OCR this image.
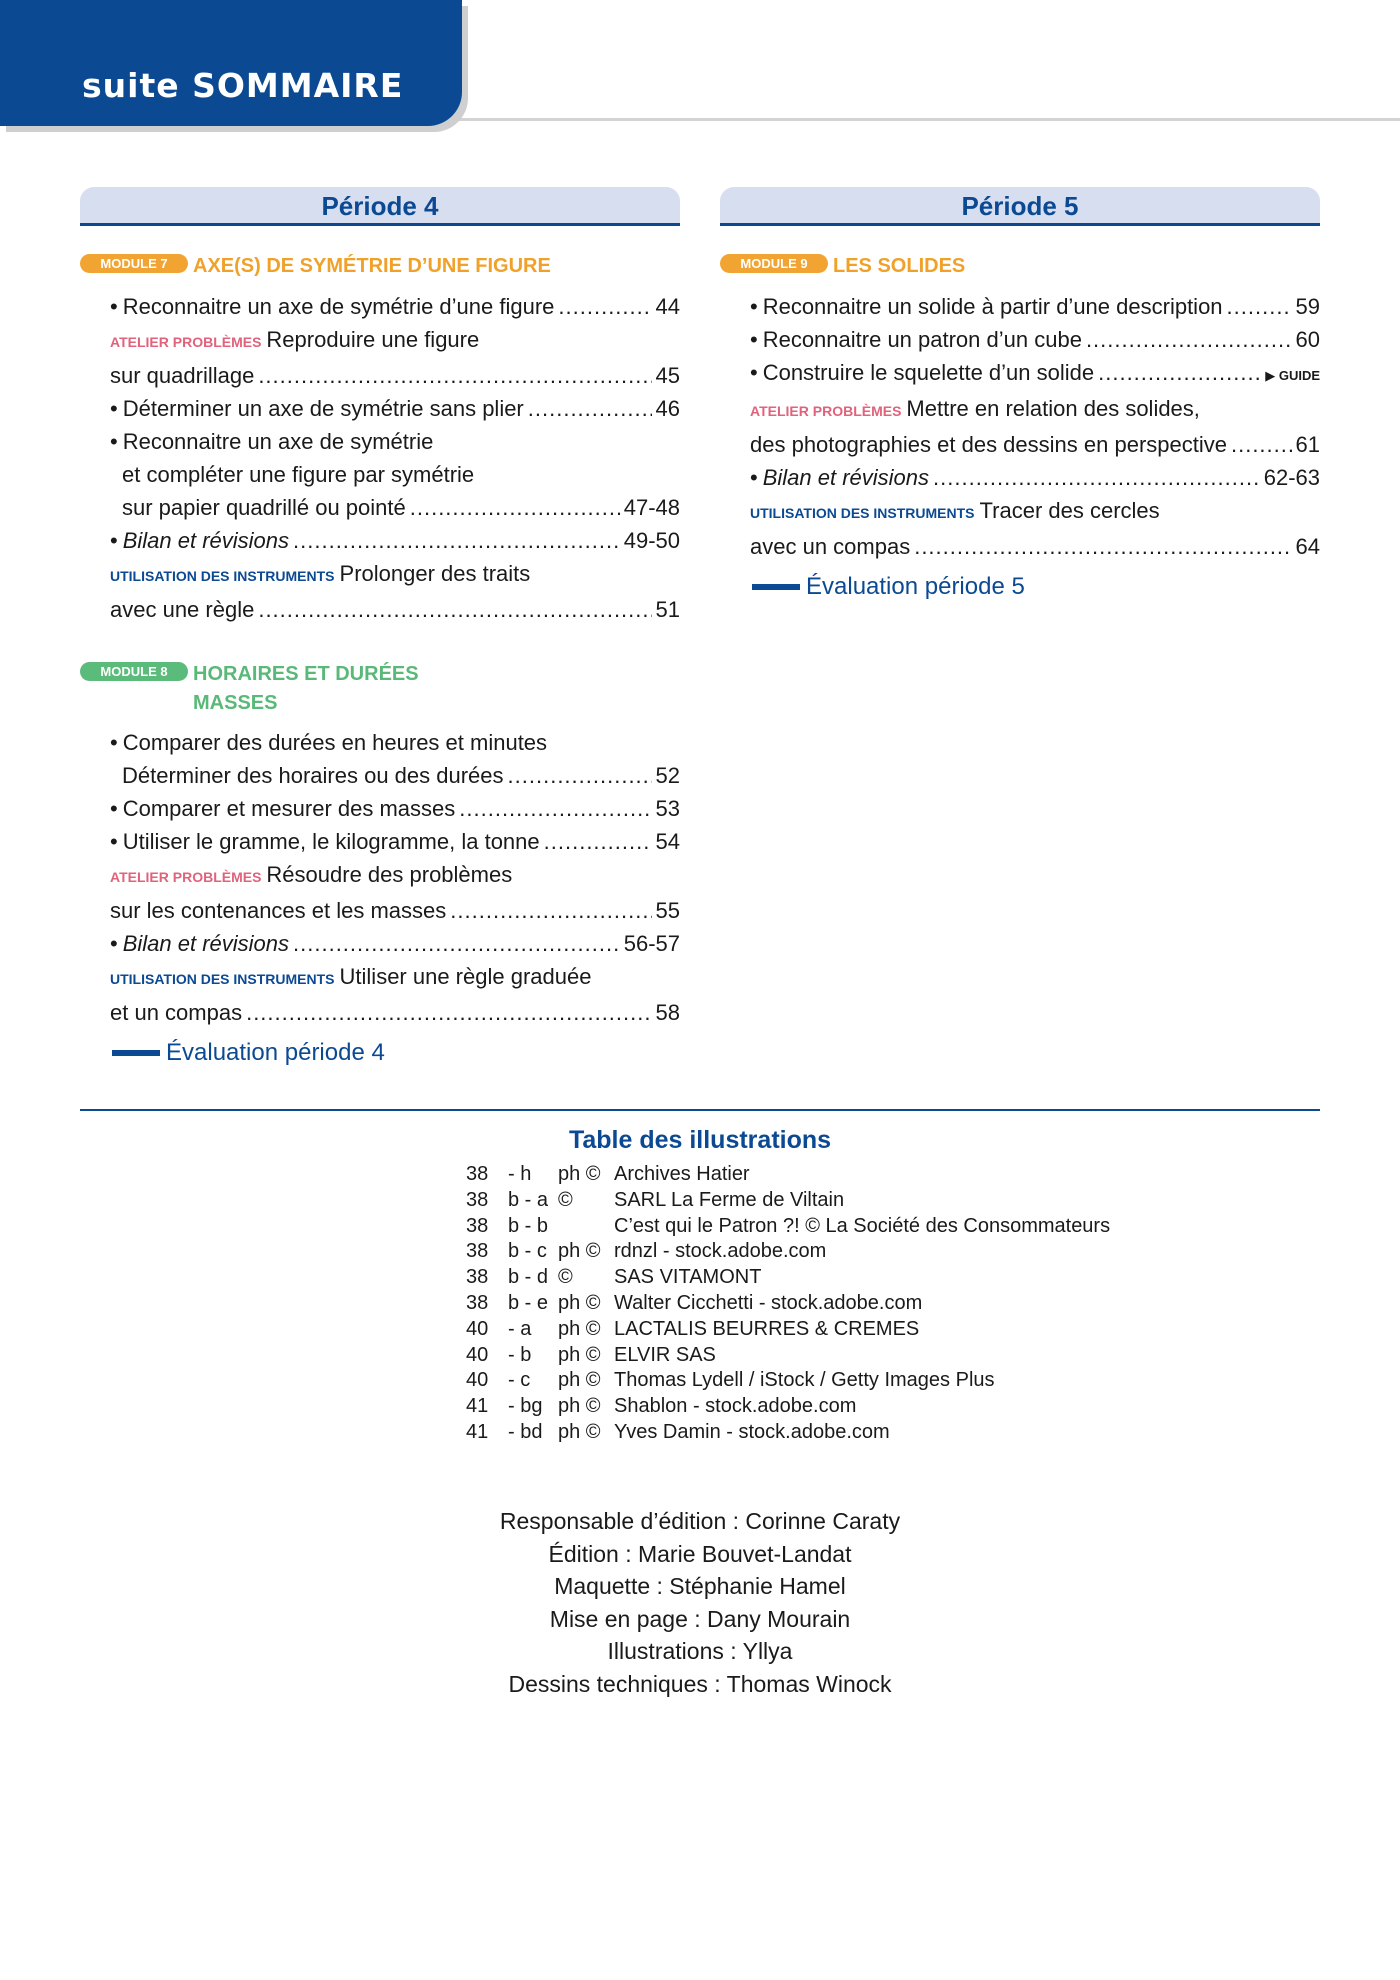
suite SOMMAIRE
Période 4
MODULE 7	AXE(S) DE SYMÉTRIE D’UNE FIGURE
• Reconnaitre un axe de symétrie d’une figure .....	44
ATELIER PROBLÈMES Reproduire une figure
sur quadrillage .....	45
• Déterminer un axe de symétrie sans plier .....	46
• Reconnaitre un axe de symétrie
et compléter une figure par symétrie
sur papier quadrillé ou pointé .....	47-48
• Bilan et révisions .....	49-50
UTILISATION DES INSTRUMENTS Prolonger des traits
avec une règle .....	51
MODULE 8	HORAIRES ET DURÉES
MASSES
• Comparer des durées en heures et minutes
Déterminer des horaires ou des durées .....	52
• Comparer et mesurer des masses .....	53
• Utiliser le gramme, le kilogramme, la tonne .....	54
ATELIER PROBLÈMES Résoudre des problèmes
sur les contenances et les masses .....	55
• Bilan et révisions .....	56-57
UTILISATION DES INSTRUMENTS Utiliser une règle graduée
et un compas .....	58
Évaluation période 4
Période 5
MODULE 9	LES SOLIDES
• Reconnaitre un solide à partir d’une description .....	59
• Reconnaitre un patron d’un cube .....	60
• Construire le squelette d’un solide .....	▶ GUIDE
ATELIER PROBLÈMES Mettre en relation des solides,
des photographies et des dessins en perspective .....	61
• Bilan et révisions .....	62-63
UTILISATION DES INSTRUMENTS Tracer des cercles
avec un compas .....	64
Évaluation période 5
Table des illustrations
38	- h	ph ©	Archives Hatier
38	b - a	©	SARL La Ferme de Viltain
38	b - b		C’est qui le Patron ?! © La Société des Consommateurs
38	b - c	ph ©	rdnzl - stock.adobe.com
38	b - d	©	SAS VITAMONT
38	b - e	ph ©	Walter Cicchetti - stock.adobe.com
40	- a	ph ©	LACTALIS BEURRES & CREMES
40	- b	ph ©	ELVIR SAS
40	- c	ph ©	Thomas Lydell / iStock / Getty Images Plus
41	- bg	ph ©	Shablon - stock.adobe.com
41	- bd	ph ©	Yves Damin - stock.adobe.com
Responsable d’édition : Corinne Caraty
Édition : Marie Bouvet-Landat
Maquette : Stéphanie Hamel
Mise en page : Dany Mourain
Illustrations : Yllya
Dessins techniques : Thomas Winock
